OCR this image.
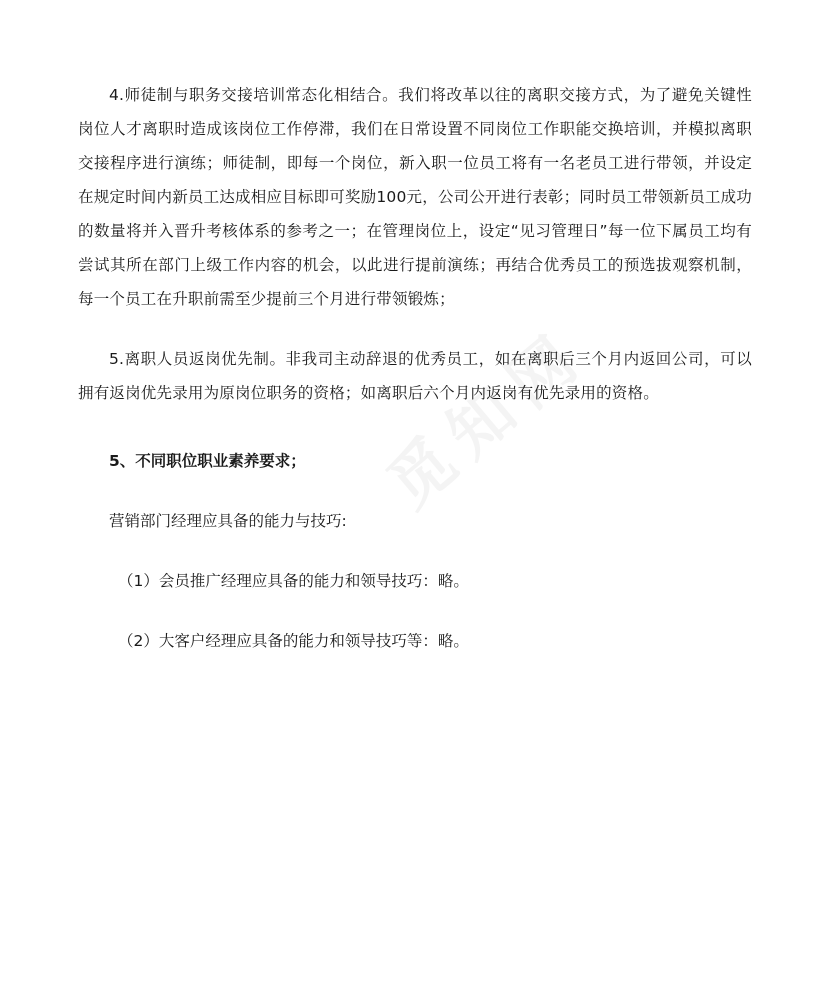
4.师徒制与职务交接培训常态化相结合。我们将改革以往的离职交接方式，为了避免关键性岗位人才离职时造成该岗位工作停滞，我们在日常设置不同岗位工作职能交换培训，并模拟离职交接程序进行演练；师徒制，即每一个岗位，新入职一位员工将有一名老员工进行带领，并设定在规定时间内新员工达成相应目标即可奖励100元，公司公开进行表彰；同时员工带领新员工成功的数量将并入晋升考核体系的参考之一；在管理岗位上，设定“见习管理日”每一位下属员工均有尝试其所在部门上级工作内容的机会，以此进行提前演练；再结合优秀员工的预选拔观察机制，每一个员工在升职前需至少提前三个月进行带领锻炼；

5.离职人员返岗优先制。非我司主动辞退的优秀员工，如在离职后三个月内返回公司，可以拥有返岗优先录用为原岗位职务的资格；如离职后六个月内返岗有优先录用的资格。

5、不同职位职业素养要求；

营销部门经理应具备的能力与技巧:

（1）会员推广经理应具备的能力和领导技巧：略。

（2）大客户经理应具备的能力和领导技巧等：略。
